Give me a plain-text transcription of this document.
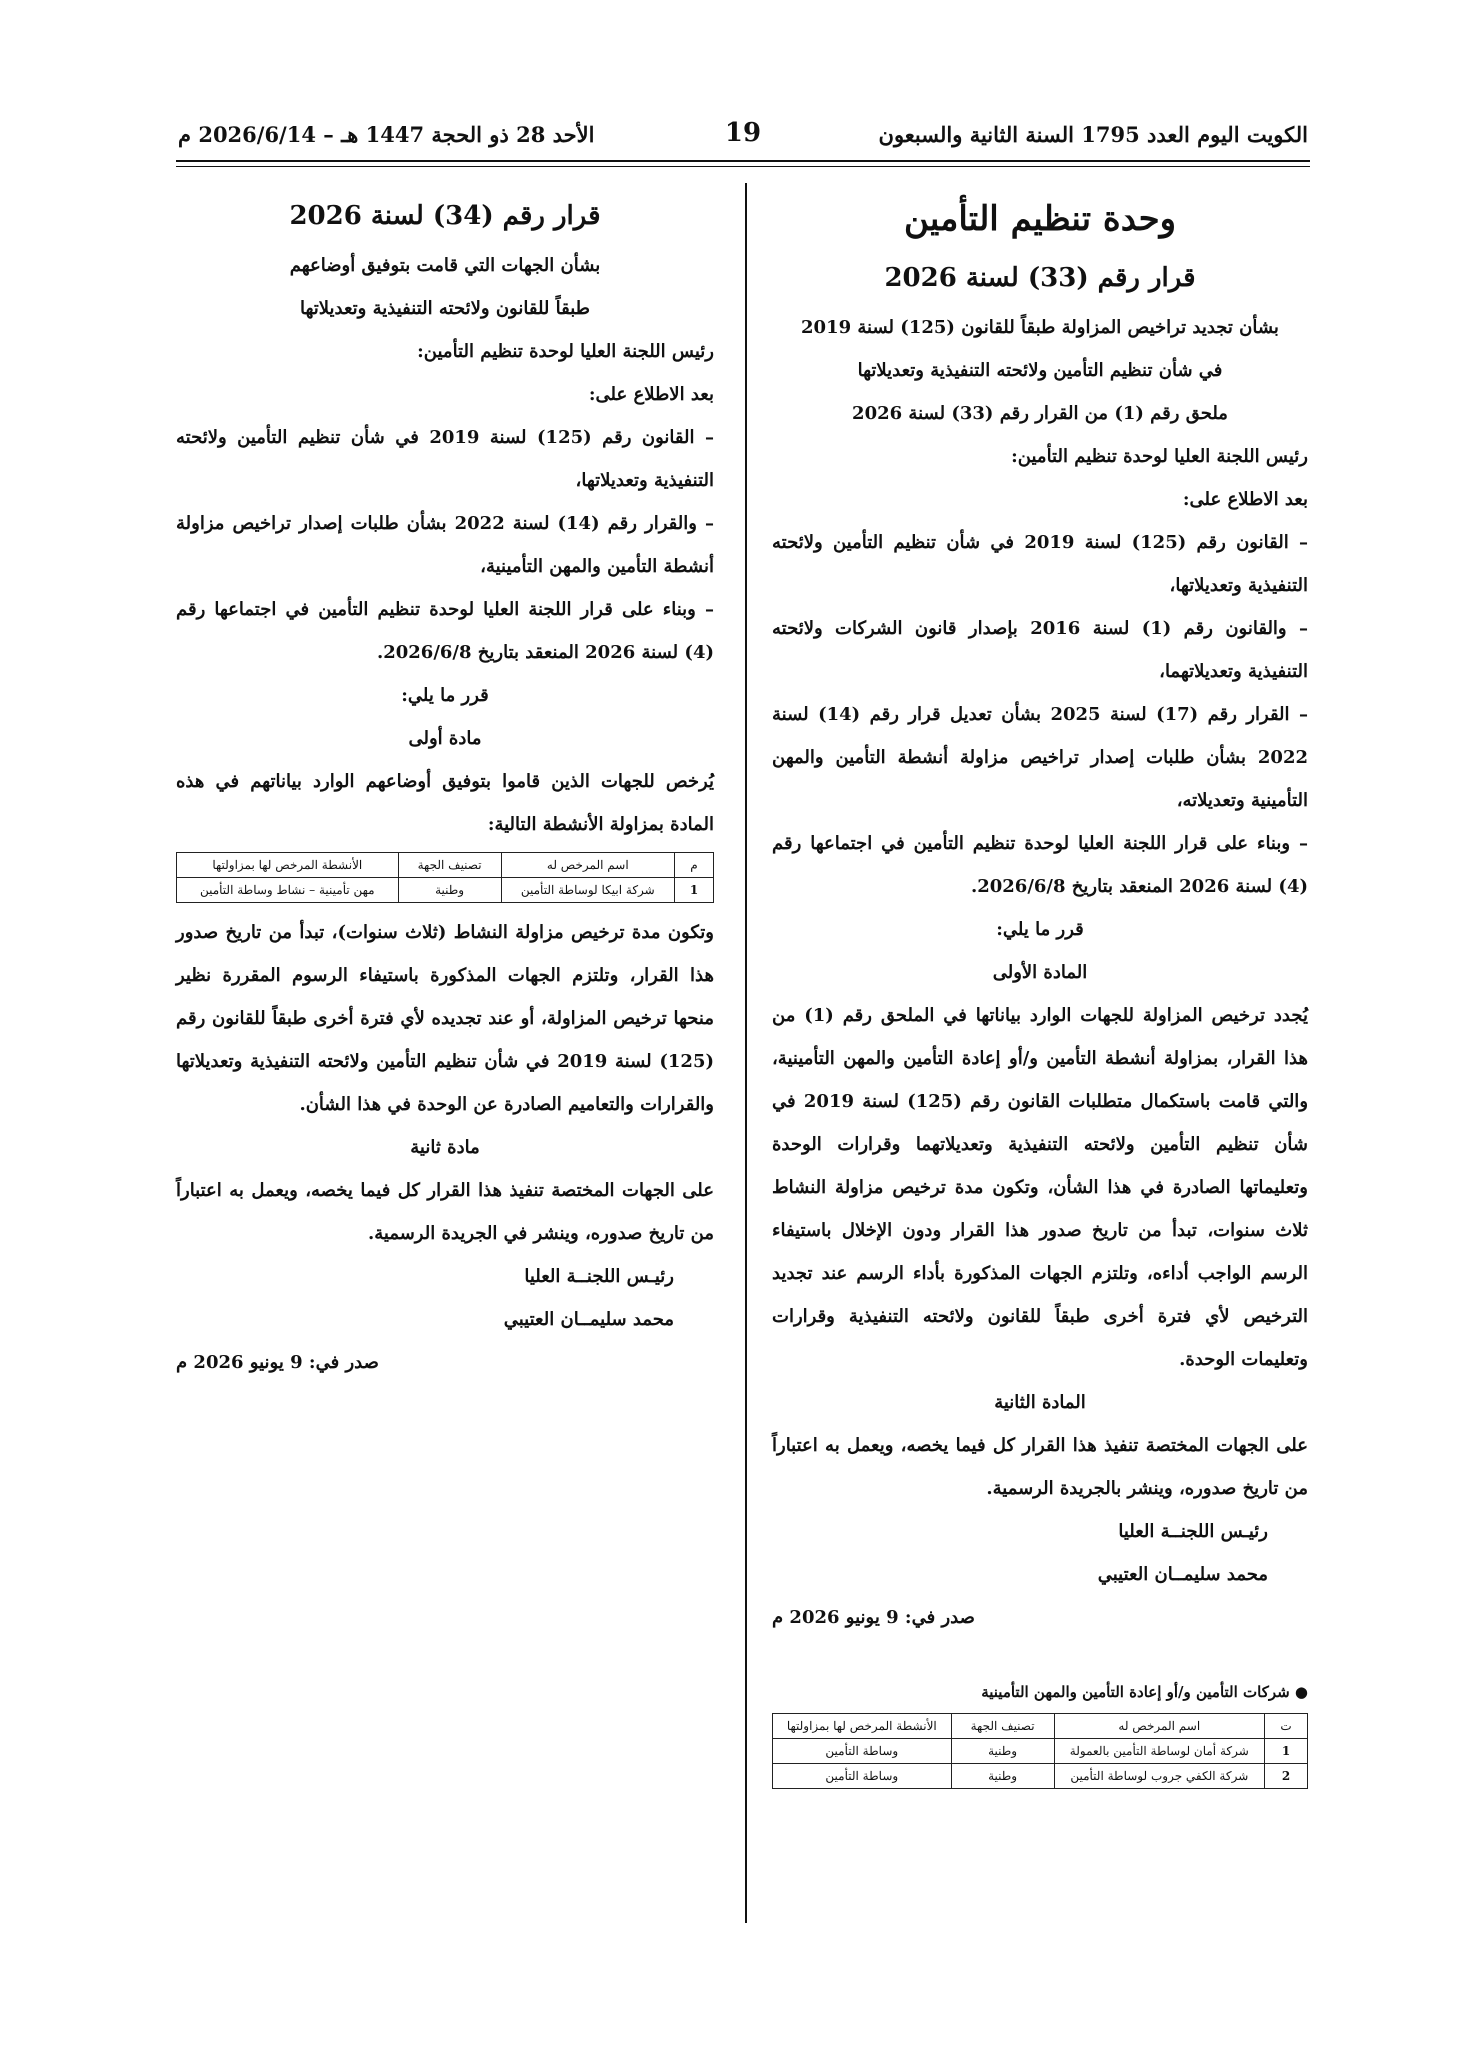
الكويت اليوم العدد 1795 السنة الثانية والسبعون
19
الأحد 28 ذو الحجة 1447 هـ – 2026/6/14 م

وحدة تنظيم التأمين

قرار رقم (33) لسنة 2026

بشأن تجديد تراخيص المزاولة طبقاً للقانون (125) لسنة 2019

في شأن تنظيم التأمين ولائحته التنفيذية وتعديلاتها

ملحق رقم (1) من القرار رقم (33) لسنة 2026

رئيس اللجنة العليا لوحدة تنظيم التأمين:

بعد الاطلاع على:

– القانون رقم (125) لسنة 2019 في شأن تنظيم التأمين ولائحته التنفيذية وتعديلاتها،

– والقانون رقم (1) لسنة 2016 بإصدار قانون الشركات ولائحته التنفيذية وتعديلاتهما،

– القرار رقم (17) لسنة 2025 بشأن تعديل قرار رقم (14) لسنة 2022 بشأن طلبات إصدار تراخيص مزاولة أنشطة التأمين والمهن التأمينية وتعديلاته،

– وبناء على قرار اللجنة العليا لوحدة تنظيم التأمين في اجتماعها رقم (4) لسنة 2026 المنعقد بتاريخ 2026/6/8.

قرر ما يلي:

المادة الأولى

يُجدد ترخيص المزاولة للجهات الوارد بياناتها في الملحق رقم (1) من هذا القرار، بمزاولة أنشطة التأمين و/أو إعادة التأمين والمهن التأمينية، والتي قامت باستكمال متطلبات القانون رقم (125) لسنة 2019 في شأن تنظيم التأمين ولائحته التنفيذية وتعديلاتهما وقرارات الوحدة وتعليماتها الصادرة في هذا الشأن، وتكون مدة ترخيص مزاولة النشاط ثلاث سنوات، تبدأ من تاريخ صدور هذا القرار ودون الإخلال باستيفاء الرسم الواجب أداءه، وتلتزم الجهات المذكورة بأداء الرسم عند تجديد الترخيص لأي فترة أخرى طبقاً للقانون ولائحته التنفيذية وقرارات وتعليمات الوحدة.

المادة الثانية

على الجهات المختصة تنفيذ هذا القرار كل فيما يخصه، ويعمل به اعتباراً من تاريخ صدوره، وينشر بالجريدة الرسمية.

رئيـس اللجنــة العليا

محمد سليمــان العتيبي

صدر في: 9 يونيو 2026 م

● شركات التأمين و/أو إعادة التأمين والمهن التأمينية

ت	اسم المرخص له	تصنيف الجهة	الأنشطة المرخص لها بمزاولتها
1	شركة أمان لوساطة التأمين بالعمولة	وطنية	وساطة التأمين
2	شركة الكفي جروب لوساطة التأمين	وطنية	وساطة التأمين

قرار رقم (34) لسنة 2026

بشأن الجهات التي قامت بتوفيق أوضاعهم

طبقاً للقانون ولائحته التنفيذية وتعديلاتها

رئيس اللجنة العليا لوحدة تنظيم التأمين:

بعد الاطلاع على:

– القانون رقم (125) لسنة 2019 في شأن تنظيم التأمين ولائحته التنفيذية وتعديلاتها،

– والقرار رقم (14) لسنة 2022 بشأن طلبات إصدار تراخيص مزاولة أنشطة التأمين والمهن التأمينية،

– وبناء على قرار اللجنة العليا لوحدة تنظيم التأمين في اجتماعها رقم (4) لسنة 2026 المنعقد بتاريخ 2026/6/8.

قرر ما يلي:

مادة أولى

يُرخص للجهات الذين قاموا بتوفيق أوضاعهم الوارد بياناتهم في هذه المادة بمزاولة الأنشطة التالية:

م	اسم المرخص له	تصنيف الجهة	الأنشطة المرخص لها بمزاولتها
1	شركة ابيكا لوساطة التأمين	وطنية	مهن تأمينية – نشاط وساطة التأمين

وتكون مدة ترخيص مزاولة النشاط (ثلاث سنوات)، تبدأ من تاريخ صدور هذا القرار، وتلتزم الجهات المذكورة باستيفاء الرسوم المقررة نظير منحها ترخيص المزاولة، أو عند تجديده لأي فترة أخرى طبقاً للقانون رقم (125) لسنة 2019 في شأن تنظيم التأمين ولائحته التنفيذية وتعديلاتها والقرارات والتعاميم الصادرة عن الوحدة في هذا الشأن.

مادة ثانية

على الجهات المختصة تنفيذ هذا القرار كل فيما يخصه، ويعمل به اعتباراً من تاريخ صدوره، وينشر في الجريدة الرسمية.

رئيـس اللجنــة العليا

محمد سليمــان العتيبي

صدر في: 9 يونيو 2026 م
